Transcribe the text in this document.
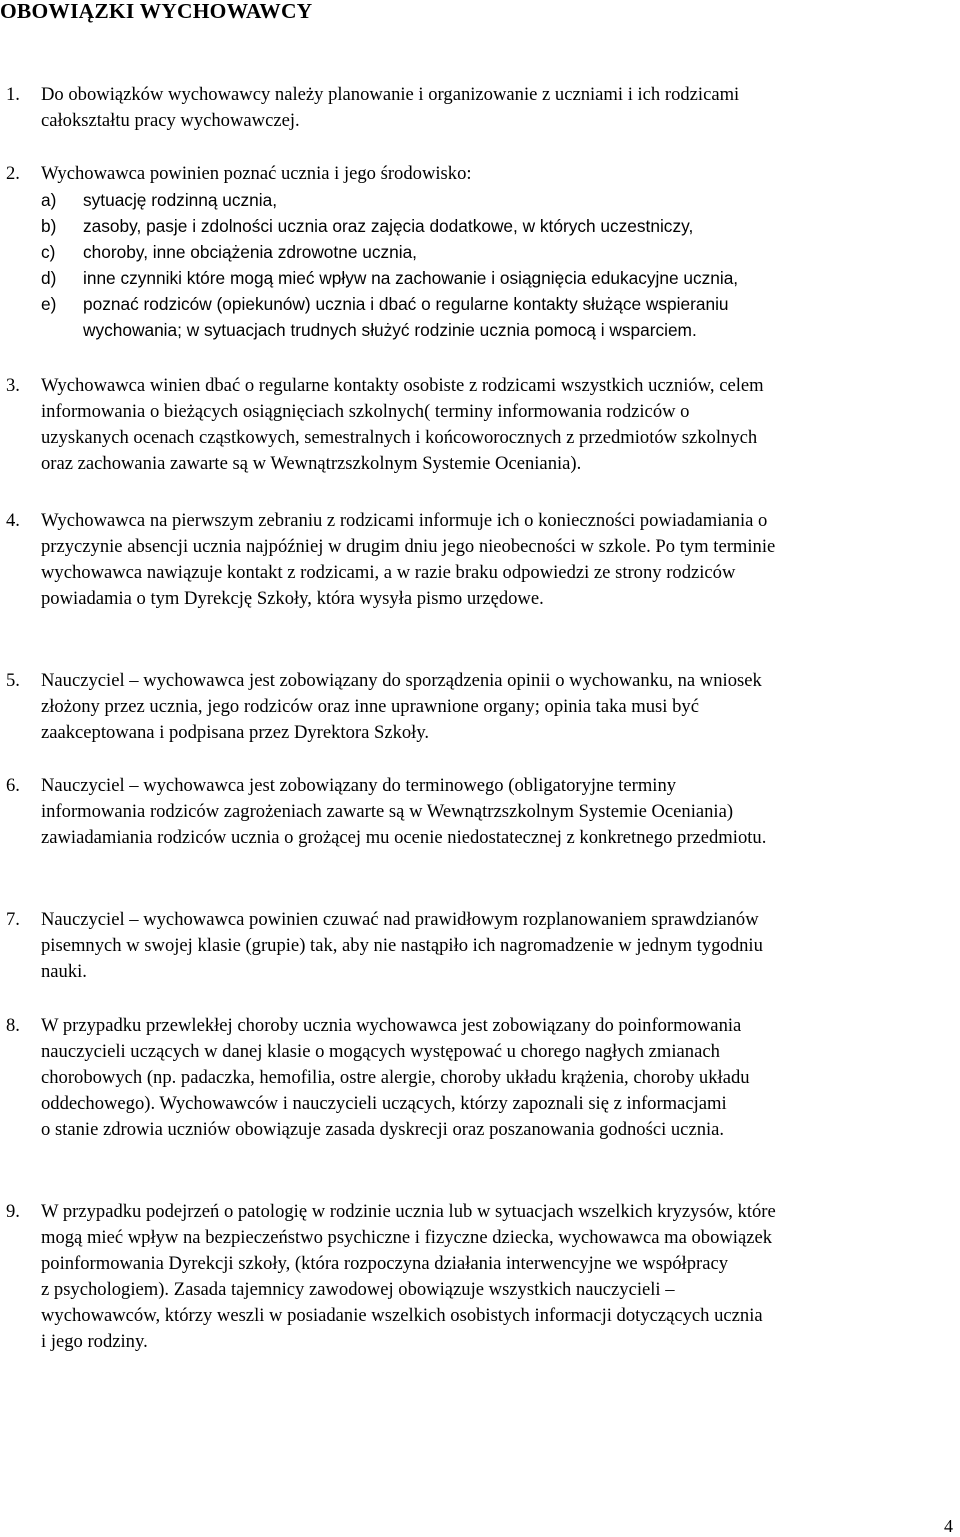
OBOWIĄZKI WYCHOWAWCY
1. Do obowiązków wychowawcy należy planowanie i organizowanie z uczniami i ich rodzicami

całokształtu pracy wychowawczej.

2. Wychowawca powinien poznać ucznia i jego środowisko:

a) sytuację rodzinną ucznia,
b) zasoby, pasje i zdolności ucznia oraz zajęcia dodatkowe, w których uczestniczy,
c) choroby, inne obciążenia zdrowotne ucznia,
d) inne czynniki które mogą mieć wpływ na zachowanie i osiągnięcia edukacyjne ucznia,
e) poznać rodziców (opiekunów) ucznia i dbać o regularne kontakty służące wspieraniu
wychowania; w sytuacjach trudnych służyć rodzinie ucznia pomocą i wsparciem.
3. Wychowawca winien dbać o regularne kontakty osobiste z rodzicami wszystkich uczniów, celem

informowania o bieżących osiągnięciach szkolnych( terminy informowania rodziców o

uzyskanych ocenach cząstkowych, semestralnych i końcoworocznych z przedmiotów szkolnych

oraz zachowania zawarte są w Wewnątrzszkolnym Systemie Oceniania).

4. Wychowawca na pierwszym zebraniu z rodzicami informuje ich o konieczności powiadamiania o

przyczynie absencji ucznia najpóźniej w drugim dniu jego nieobecności w szkole. Po tym terminie

wychowawca nawiązuje kontakt z rodzicami, a w razie braku odpowiedzi ze strony rodziców

powiadamia o tym Dyrekcję Szkoły, która wysyła pismo urzędowe.

5. Nauczyciel – wychowawca jest zobowiązany do sporządzenia opinii o wychowanku, na wniosek

złożony przez ucznia, jego rodziców oraz inne uprawnione organy; opinia taka musi być

zaakceptowana i podpisana przez Dyrektora Szkoły.

6. Nauczyciel – wychowawca jest zobowiązany do terminowego (obligatoryjne terminy

informowania rodziców zagrożeniach zawarte są w Wewnątrzszkolnym Systemie Oceniania)

zawiadamiania rodziców ucznia o grożącej mu ocenie niedostatecznej z konkretnego przedmiotu.

7. Nauczyciel – wychowawca powinien czuwać nad prawidłowym rozplanowaniem sprawdzianów

pisemnych w swojej klasie (grupie) tak, aby nie nastąpiło ich nagromadzenie w jednym tygodniu

nauki.

8. W przypadku przewlekłej choroby ucznia wychowawca jest zobowiązany do poinformowania

nauczycieli uczących w danej klasie o mogących występować u chorego nagłych zmianach

chorobowych (np. padaczka, hemofilia, ostre alergie, choroby układu krążenia, choroby układu

oddechowego). Wychowawców i nauczycieli uczących, którzy zapoznali się z informacjami

o stanie zdrowia uczniów obowiązuje zasada dyskrecji oraz poszanowania godności ucznia.

9. W przypadku podejrzeń o patologię w rodzinie ucznia lub w sytuacjach wszelkich kryzysów, które

mogą mieć wpływ na bezpieczeństwo psychiczne i fizyczne dziecka, wychowawca ma obowiązek

poinformowania Dyrekcji szkoły, (która rozpoczyna działania interwencyjne we współpracy

z psychologiem). Zasada tajemnicy zawodowej obowiązuje wszystkich nauczycieli –

wychowawców, którzy weszli w posiadanie wszelkich osobistych informacji dotyczących ucznia

i jego rodziny.

4
